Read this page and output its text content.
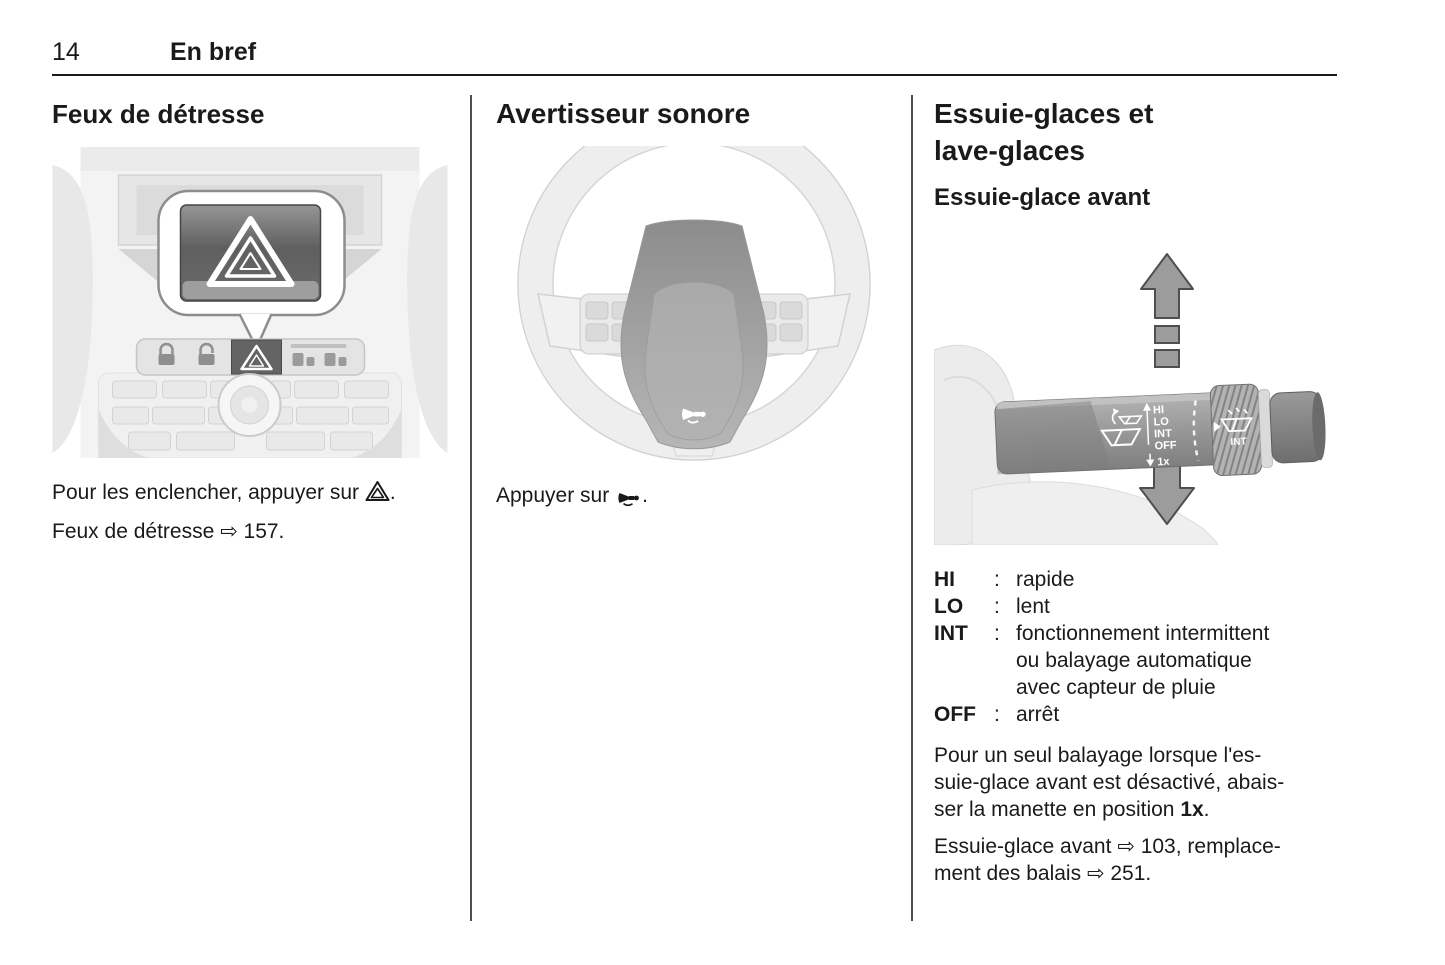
14	En bref
Feux de détresse
Pour les enclencher, appuyer sur .
Feux de détresse ⇨ 157.
Avertisseur sonore
Appuyer sur .
Essuie-glaces et
lave-glaces
Essuie-glace avant
HI
LO
INT
OFF
1x
INT
HI	: rapide
LO	: lent
INT	: fonctionnement intermittent
ou balayage automatique
avec capteur de pluie
OFF : arrêt
Pour un seul balayage lorsque l'es-
suie-glace avant est désactivé, abais-
ser la manette en position 1x.
Essuie-glace avant ⇨ 103, remplace-
ment des balais ⇨ 251.
